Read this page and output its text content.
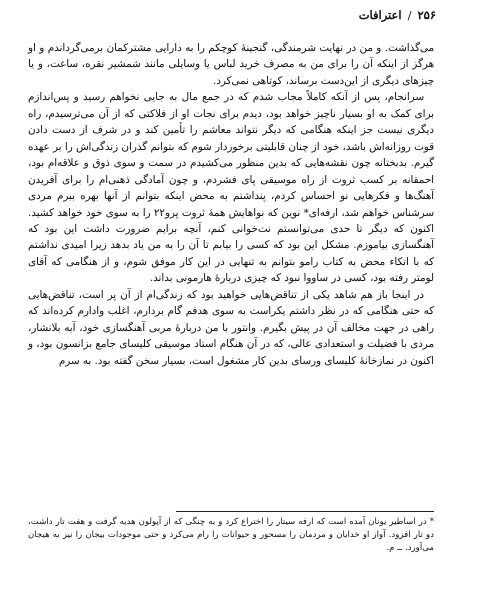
۲۵۶/اعترافات

می‌گذاشت. و من در نهایت شرمندگی، گنجینهٔ کوچکم را به دارایی مشترکمان برمی‌گرداندم و او هرگز از اینکه آن را برای من به مصرف خرید لباس یا وسایلی مانند شمشیر نقره، ساعت، و یا چیزهای دیگری از این‌دست برساند، کوتاهی نمی‌کرد.

سرانجام، پس از آنکه کاملاً مجاب شدم که در جمع مال به جایی نخواهم رسید و پس‌اندازم برای کمک به او بسیار ناچیز خواهد بود، دیدم برای نجات او از فلاکتی که از آن می‌ترسیدم، راه دیگری نیست جز اینکه هنگامی که دیگر نتواند معاشم را تأمین کند و در شرف از دست دادن قوت روزانه‌اش باشد، خود از چنان قابلیتی برخوردار شوم که بتوانم گذران زندگی‌اش را بر عهده گیرم. بدبختانه چون نقشه‌هایی که بدین منظور می‌کشیدم در سمت و سوی ذوق و علاقه‌ام بود، احمقانه بر کسب ثروت از راه موسیقی پای فشردم، و چون آمادگی ذهنی‌ام را برای آفریدن آهنگ‌ها و فکرهایی نو احساس کردم، پنداشتم به محض اینکه بتوانم از آنها بهره ببرم مردی سرشناس خواهم شد، ارفه‌ای* نوین که نواهایش همهٔ ثروت پرو۲۲ را به سوی خود خواهد کشید. اکنون که دیگر تا حدی می‌توانستم نت‌خوانی کنم، آنچه برایم ضرورت داشت این بود که آهنگسازی بیاموزم. مشکل این بود که کسی را بیابم تا آن را به من یاد بدهد زیرا امیدی نداشتم که با اتکاء محض به کتاب رامو بتوانم به تنهایی در این کار موفق شوم، و از هنگامی که آقای لومتر رفته بود، کسی در ساووا نبود که چیزی دربارهٔ هارمونی بداند.

در اینجا باز هم شاهد یکی از تناقض‌هایی خواهید بود که زندگی‌ام از آن پر است، تناقض‌هایی که حتی هنگامی که در نظر داشتم یکراست به سوی هدفم گام بردارم، اغلب وادارم کرده‌اند که راهی در جهت مخالف آن در پیش بگیرم. وانتور با من دربارهٔ مربی آهنگسازی خود، آبه بلانشار، مردی با فضیلت و استعدادی عالی، که در آن هنگام استاد موسیقی کلیسای جامع بزانسون بود، و اکنون در نمازخانهٔ کلیسای ورسای بدین کار مشغول است، بسیار سخن گفته بود. به سرم

* در اساطیر یونان آمده است که ارفه سیتار را اختراع کرد و به چنگی که از آپولون هدیه گرفت و هفت تار داشت، دو تار افزود. آواز او خدایان و مردمان را مسحور و حیوانات را رام می‌کرد و حتی موجودات بیجان را نیز به هیجان می‌آورد. ــ م.
